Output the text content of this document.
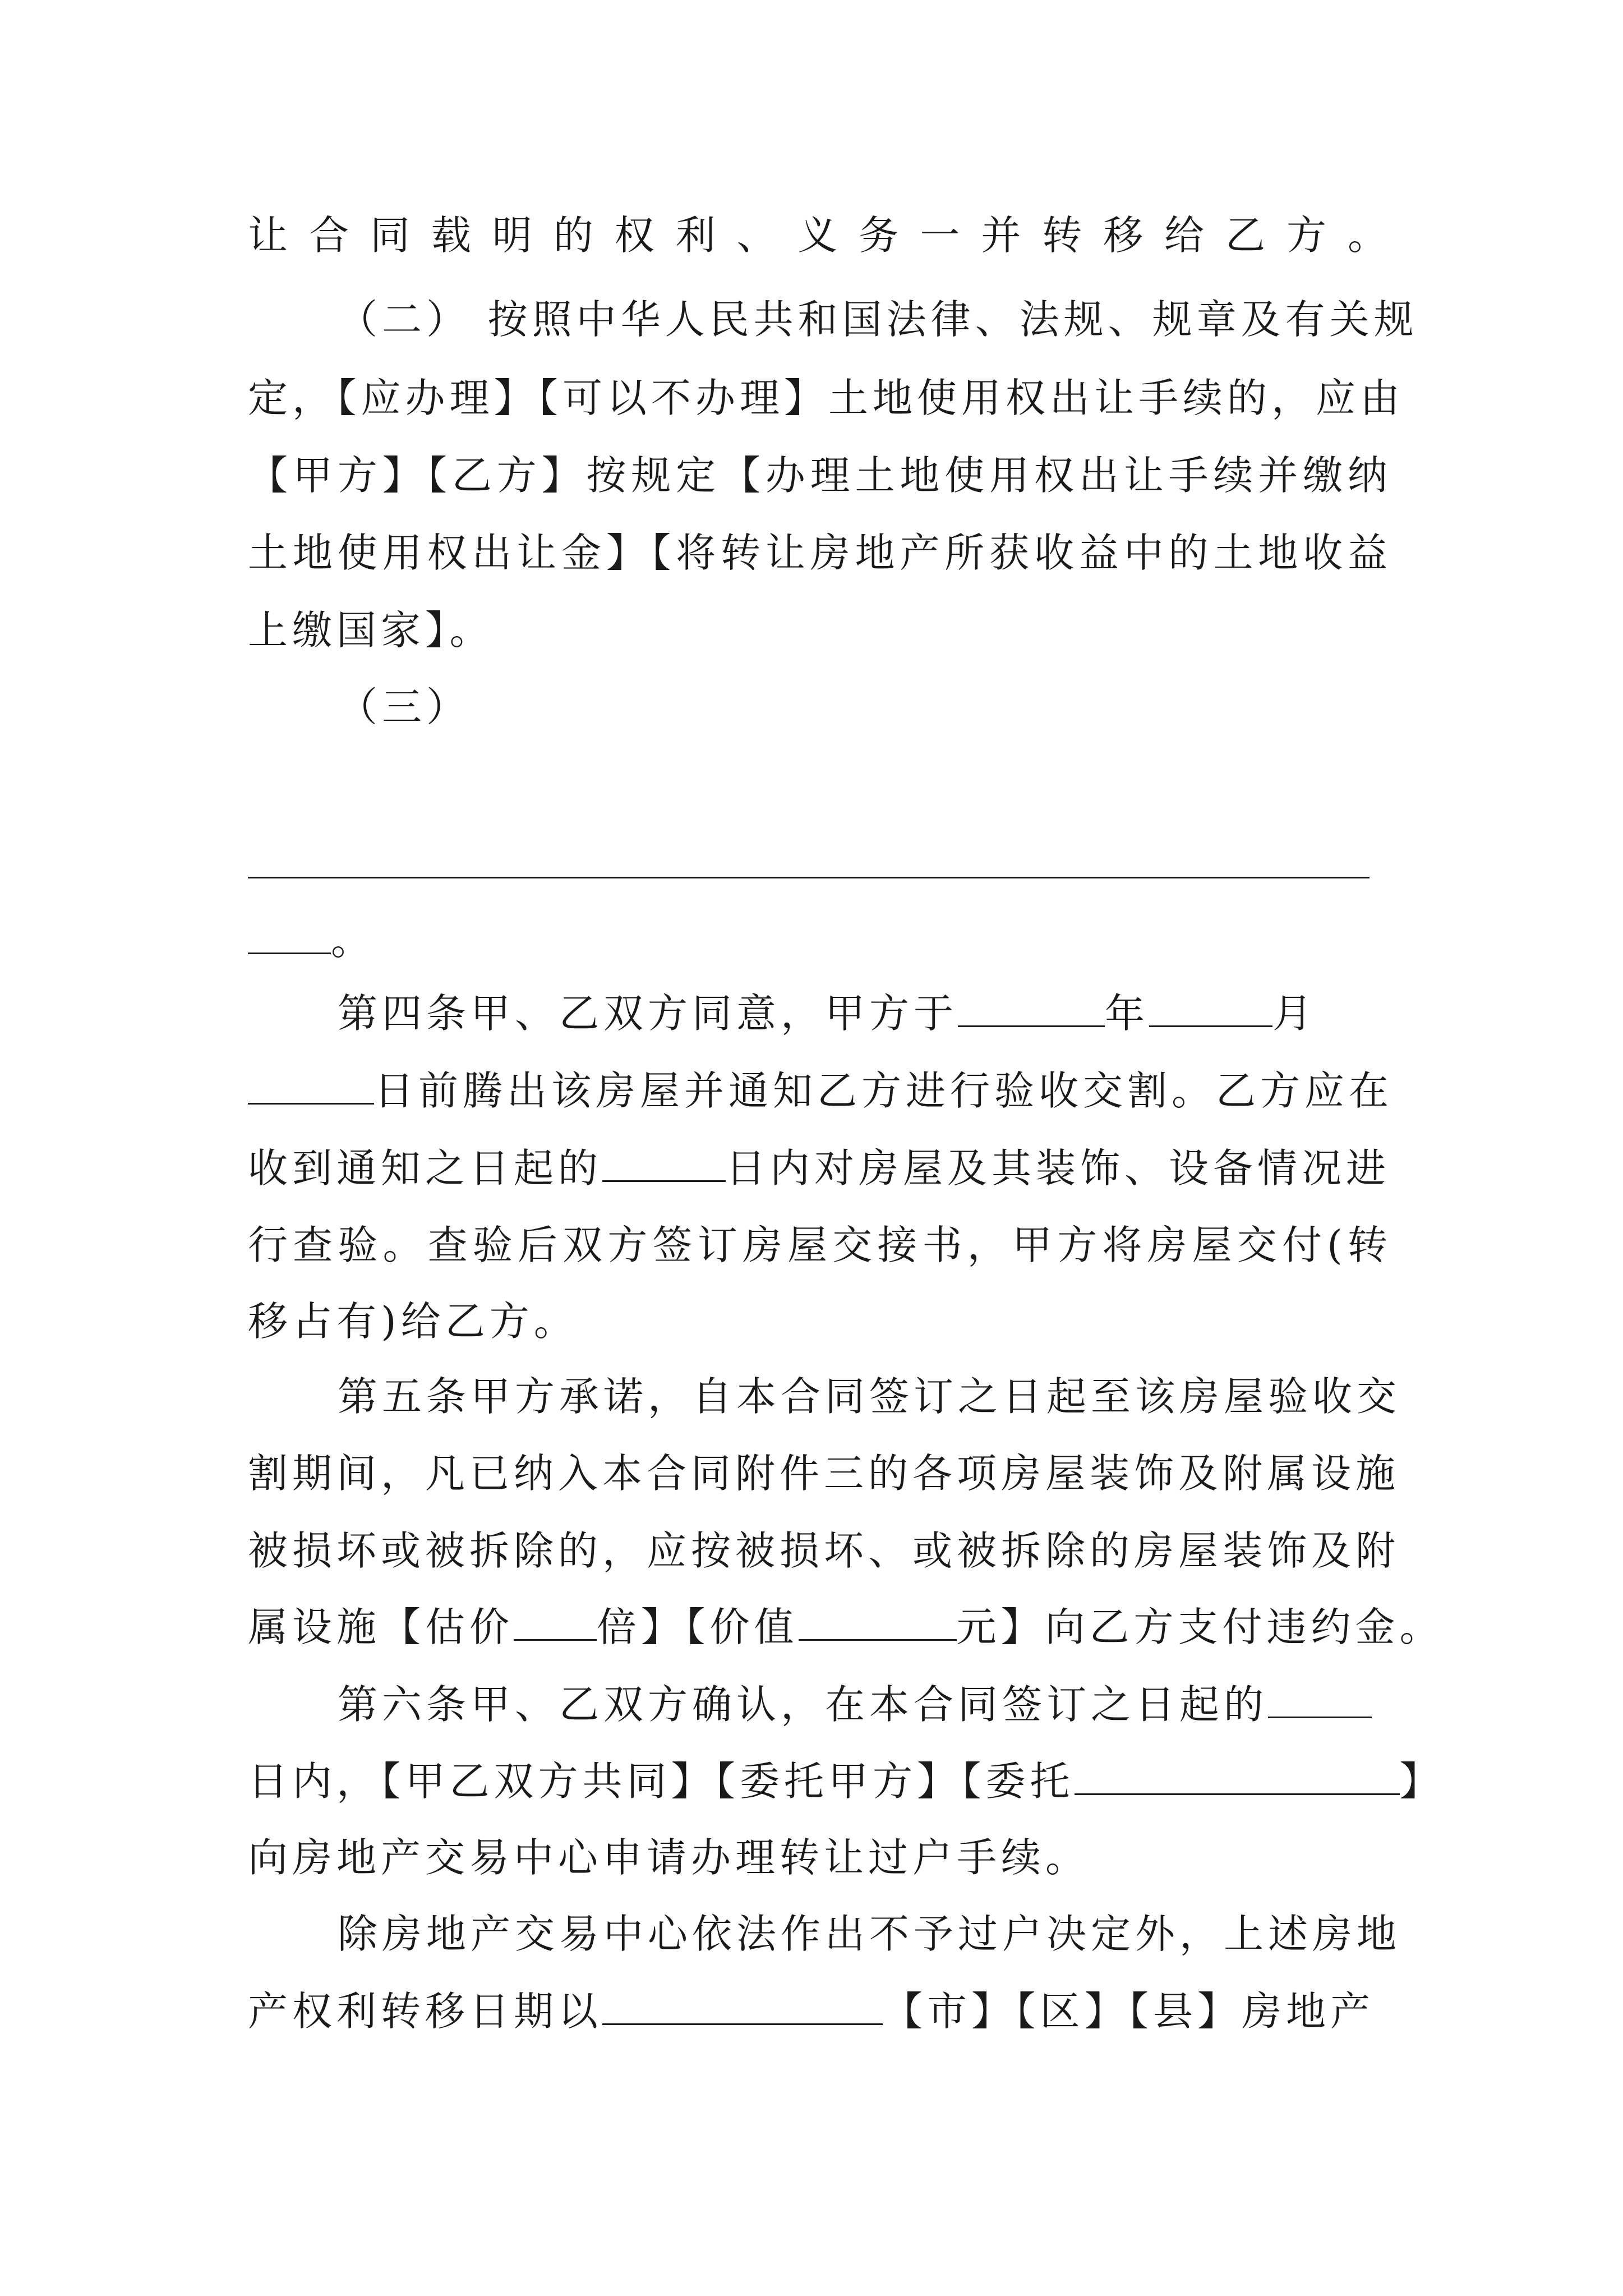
让合同载明的权利、义务一并转移给乙方。
（二） 按照中华人民共和国法律、法规、规章及有关规
定，【应办理】【可以不办理】土地使用权出让手续的，应由
【甲方】【乙方】按规定【办理土地使用权出让手续并缴纳
土地使用权出让金】【将转让房地产所获收益中的土地收益
上缴国家】。
（三）
。
第四条甲、乙双方同意，甲方于	年	月
日前腾出该房屋并通知乙方进行验收交割。乙方应在
收到通知之日起的	日内对房屋及其装饰、设备情况进
行查验。查验后双方签订房屋交接书，甲方将房屋交付(转
移占有)给乙方。
第五条甲方承诺，自本合同签订之日起至该房屋验收交
割期间，凡已纳入本合同附件三的各项房屋装饰及附属设施
被损坏或被拆除的，应按被损坏、或被拆除的房屋装饰及附
属设施【估价 倍】【价值	元】向乙方支付违约金。
第六条甲、乙双方确认，在本合同签订之日起的
日内，【甲乙双方共同】【委托甲方】【委托	】
向房地产交易中心申请办理转让过户手续。
除房地产交易中心依法作出不予过户决定外，上述房地
产权利转移日期以	【市】【区】【县】房地产
